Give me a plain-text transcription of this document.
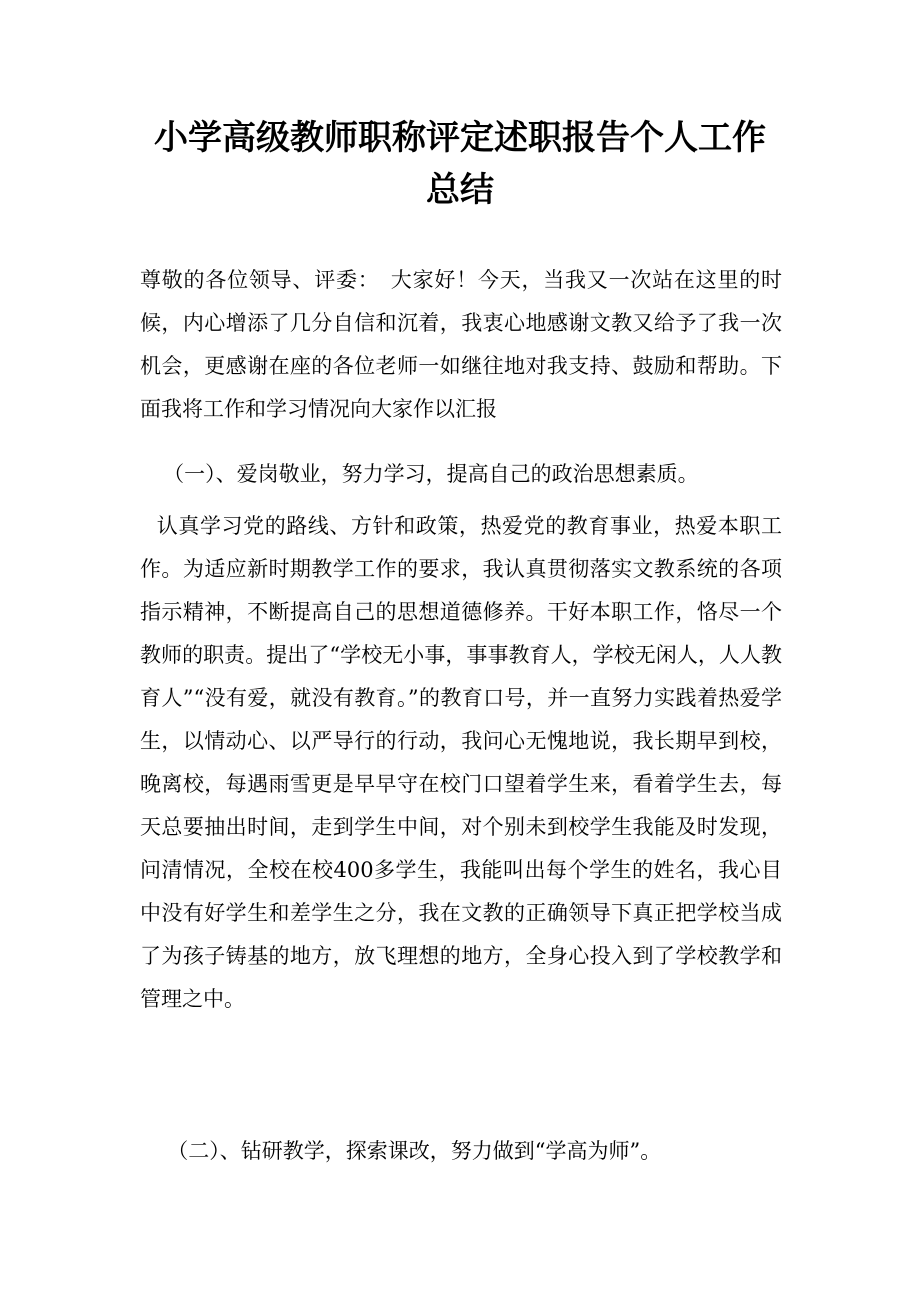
小学高级教师职称评定述职报告个人工作
总结

尊敬的各位领导、评委：　大家好！今天，当我又一次站在这里的时候，内心增添了几分自信和沉着，我衷心地感谢文教又给予了我一次机会，更感谢在座的各位老师一如继往地对我支持、鼓励和帮助。下面我将工作和学习情况向大家作以汇报

（一）、爱岗敬业，努力学习，提高自己的政治思想素质。

认真学习党的路线、方针和政策，热爱党的教育事业，热爱本职工作。为适应新时期教学工作的要求，我认真贯彻落实文教系统的各项指示精神，不断提高自己的思想道德修养。干好本职工作，恪尽一个教师的职责。提出了“学校无小事，事事教育人，学校无闲人，人人教育人”“没有爱，就没有教育。”的教育口号，并一直努力实践着热爱学生，以情动心、以严导行的行动，我问心无愧地说，我长期早到校，晚离校，每遇雨雪更是早早守在校门口望着学生来，看着学生去，每天总要抽出时间，走到学生中间，对个别未到校学生我能及时发现，问清情况，全校在校400多学生，我能叫出每个学生的姓名，我心目中没有好学生和差学生之分，我在文教的正确领导下真正把学校当成了为孩子铸基的地方，放飞理想的地方，全身心投入到了学校教学和管理之中。

（二）、钻研教学，探索课改，努力做到“学高为师”。
